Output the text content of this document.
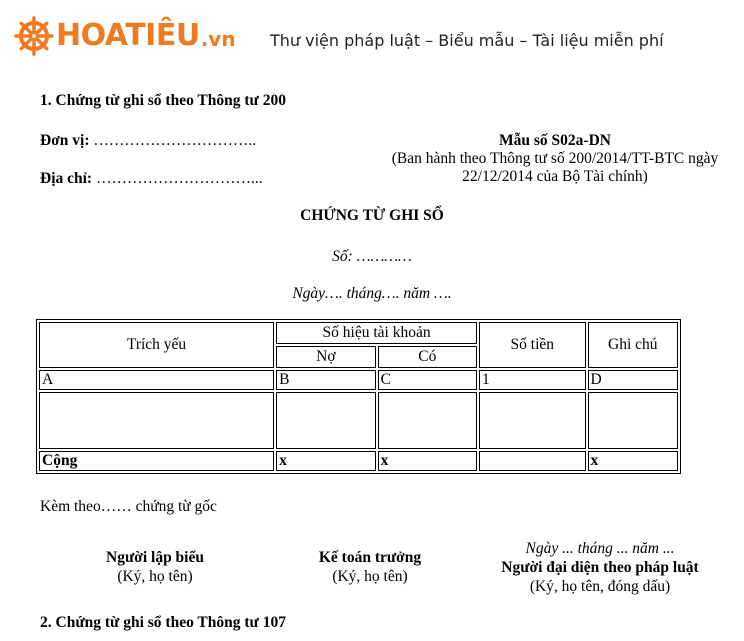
HOATIÊU .vn Thư viện pháp luật – Biểu mẫu – Tài liệu miễn phí
1. Chứng từ ghi sổ theo Thông tư 200
Đơn vị: …………………………..
Địa chỉ: …………………………...
Mẫu số S02a-DN
(Ban hành theo Thông tư số 200/2014/TT-BTC ngày
22/12/2014 của Bộ Tài chính)
CHỨNG TỪ GHI SỔ
Số: …………
Ngày…. tháng…. năm ….
Trích yếu	Số hiệu tài khoản		Số tiền	Ghi chú
	Nợ	Có		
A	B	C	1	D

Cộng	x	x		x
Kèm theo…… chứng từ gốc
Người lập biểu
(Ký, họ tên)
Kế toán trưởng
(Ký, họ tên)
Ngày ... tháng ... năm ...
Người đại diện theo pháp luật
(Ký, họ tên, đóng dấu)
2. Chứng từ ghi sổ theo Thông tư 107
